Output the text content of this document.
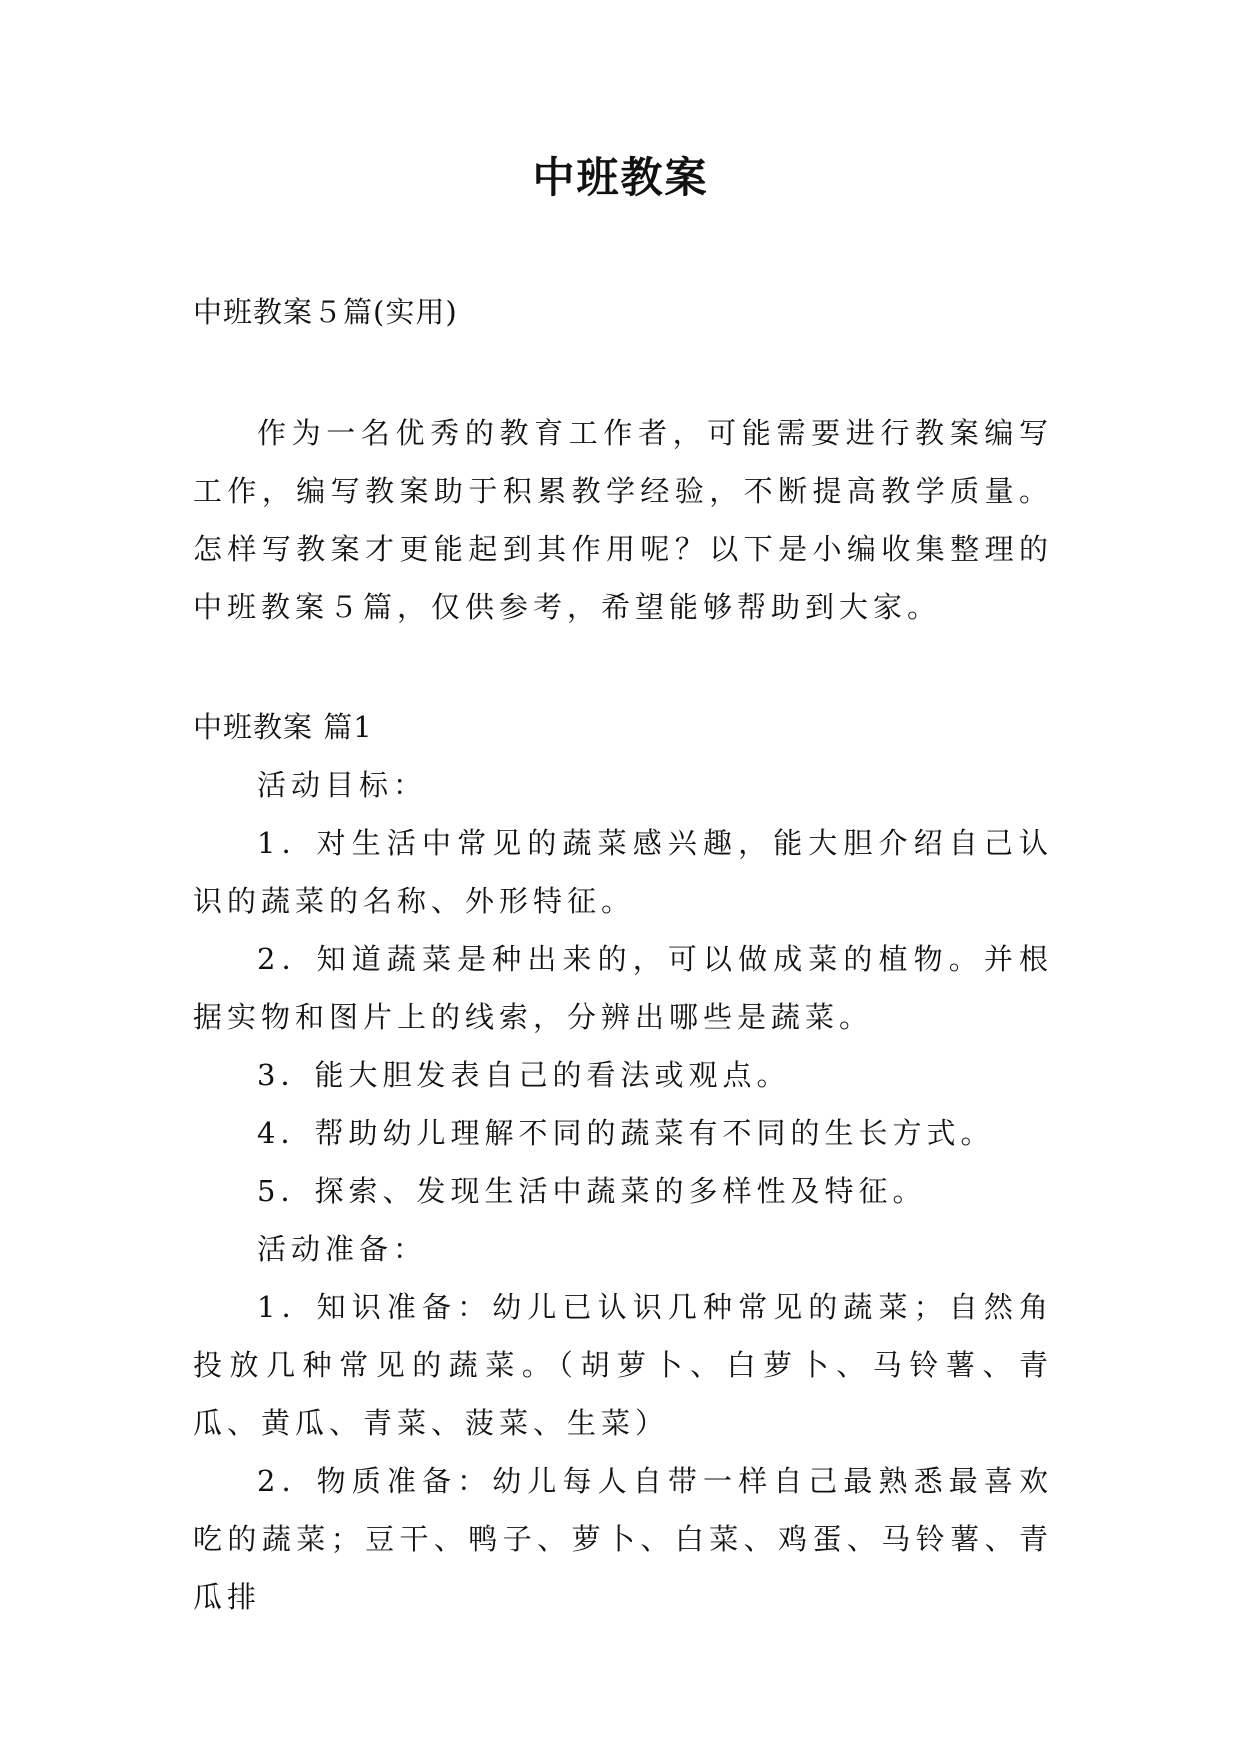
中班教案

中班教案５篇(实用)

作为一名优秀的教育工作者，可能需要进行教案编写工作，编写教案助于积累教学经验，不断提高教学质量。怎样写教案才更能起到其作用呢？以下是小编收集整理的中班教案５篇，仅供参考，希望能够帮助到大家。

中班教案 篇1

活动目标：

1．对生活中常见的蔬菜感兴趣，能大胆介绍自己认识的蔬菜的名称、外形特征。

2．知道蔬菜是种出来的，可以做成菜的植物。并根据实物和图片上的线索，分辨出哪些是蔬菜。

3．能大胆发表自己的看法或观点。

4．帮助幼儿理解不同的蔬菜有不同的生长方式。

5．探索、发现生活中蔬菜的多样性及特征。

活动准备：

1．知识准备：幼儿已认识几种常见的蔬菜；自然角投放几种常见的蔬菜。（胡萝卜、白萝卜、马铃薯、青瓜、黄瓜、青菜、菠菜、生菜）

2．物质准备：幼儿每人自带一样自己最熟悉最喜欢吃的蔬菜；豆干、鸭子、萝卜、白菜、鸡蛋、马铃薯、青瓜排
